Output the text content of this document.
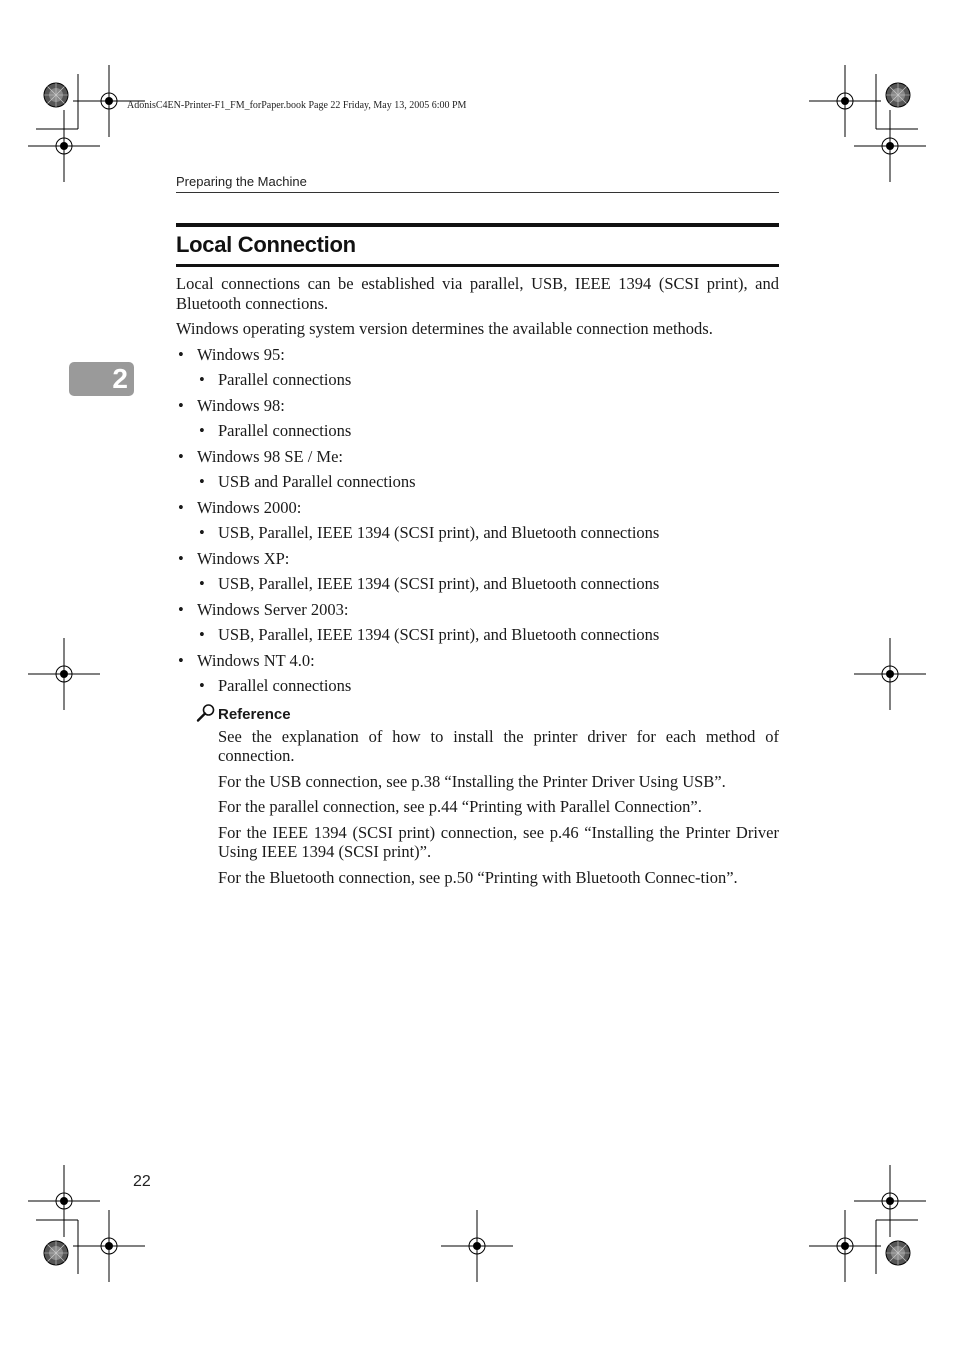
AdonisC4EN-Printer-F1_FM_forPaper.book Page 22 Friday, May 13, 2005 6:00 PM
Preparing the Machine
Local Connection
2

Local connections can be established via parallel, USB, IEEE 1394 (SCSI print), and Bluetooth connections.

Windows operating system version determines the available connection methods.

• Windows 95:

• Parallel connections

• Windows 98:

• Parallel connections

• Windows 98 SE / Me:

• USB and Parallel connections

• Windows 2000:

• USB, Parallel, IEEE 1394 (SCSI print), and Bluetooth connections

• Windows XP:

• USB, Parallel, IEEE 1394 (SCSI print), and Bluetooth connections

• Windows Server 2003:

• USB, Parallel, IEEE 1394 (SCSI print), and Bluetooth connections

• Windows NT 4.0:

• Parallel connections

Reference

See the explanation of how to install the printer driver for each method of connection.

For the USB connection, see p.38 “Installing the Printer Driver Using USB”.

For the parallel connection, see p.44 “Printing with Parallel Connection”.

For the IEEE 1394 (SCSI print) connection, see p.46 “Installing the Printer Driver Using IEEE 1394 (SCSI print)”.

For the Bluetooth connection, see p.50 “Printing with Bluetooth Connec-tion”.

22
